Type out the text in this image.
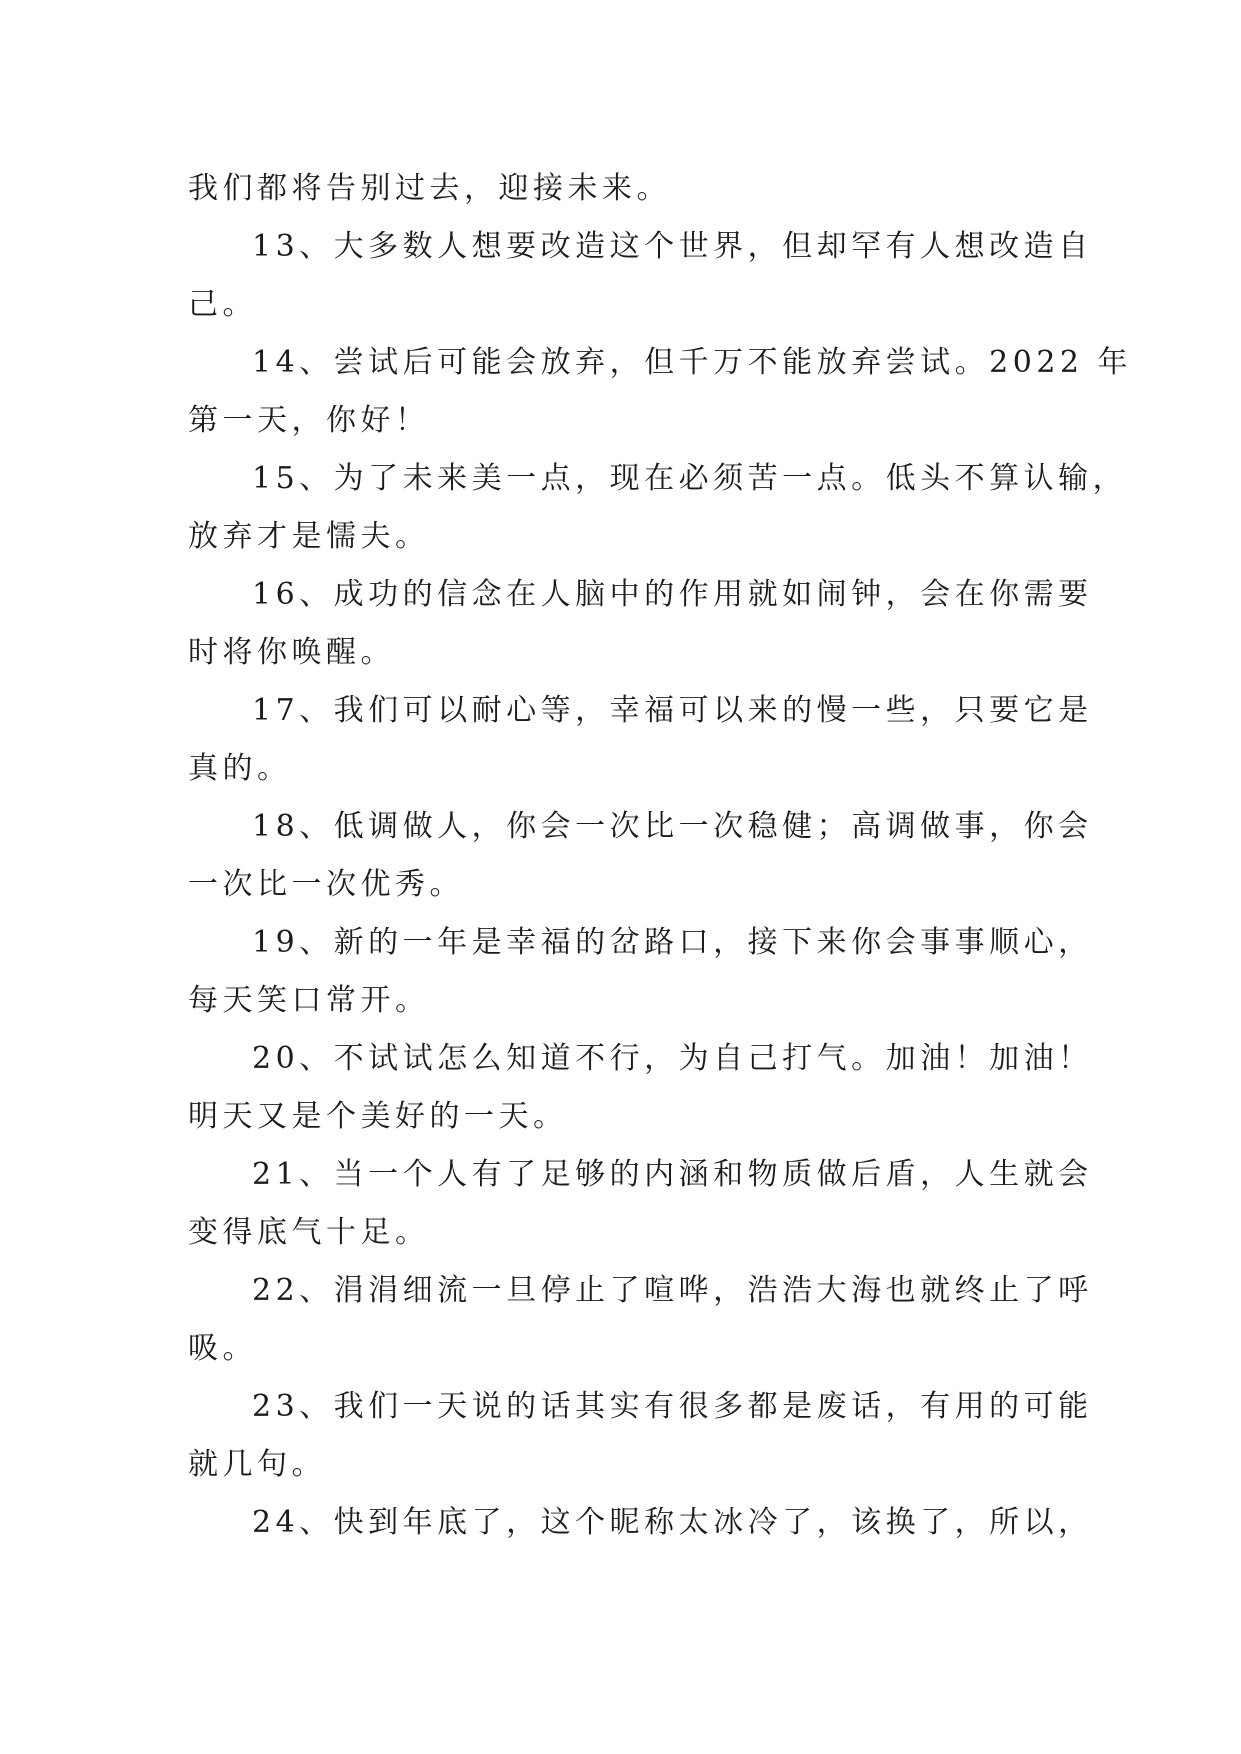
我们都将告别过去，迎接未来。
13、大多数人想要改造这个世界，但却罕有人想改造自
己。
14、尝试后可能会放弃，但千万不能放弃尝试。2022 年
第一天，你好！
15、为了未来美一点，现在必须苦一点。低头不算认输，
放弃才是懦夫。
16、成功的信念在人脑中的作用就如闹钟，会在你需要
时将你唤醒。
17、我们可以耐心等，幸福可以来的慢一些，只要它是
真的。
18、低调做人，你会一次比一次稳健；高调做事，你会
一次比一次优秀。
19、新的一年是幸福的岔路口，接下来你会事事顺心，
每天笑口常开。
20、不试试怎么知道不行，为自己打气。加油！加油！
明天又是个美好的一天。
21、当一个人有了足够的内涵和物质做后盾，人生就会
变得底气十足。
22、涓涓细流一旦停止了喧哗，浩浩大海也就终止了呼
吸。
23、我们一天说的话其实有很多都是废话，有用的可能
就几句。
24、快到年底了，这个昵称太冰冷了，该换了，所以，
